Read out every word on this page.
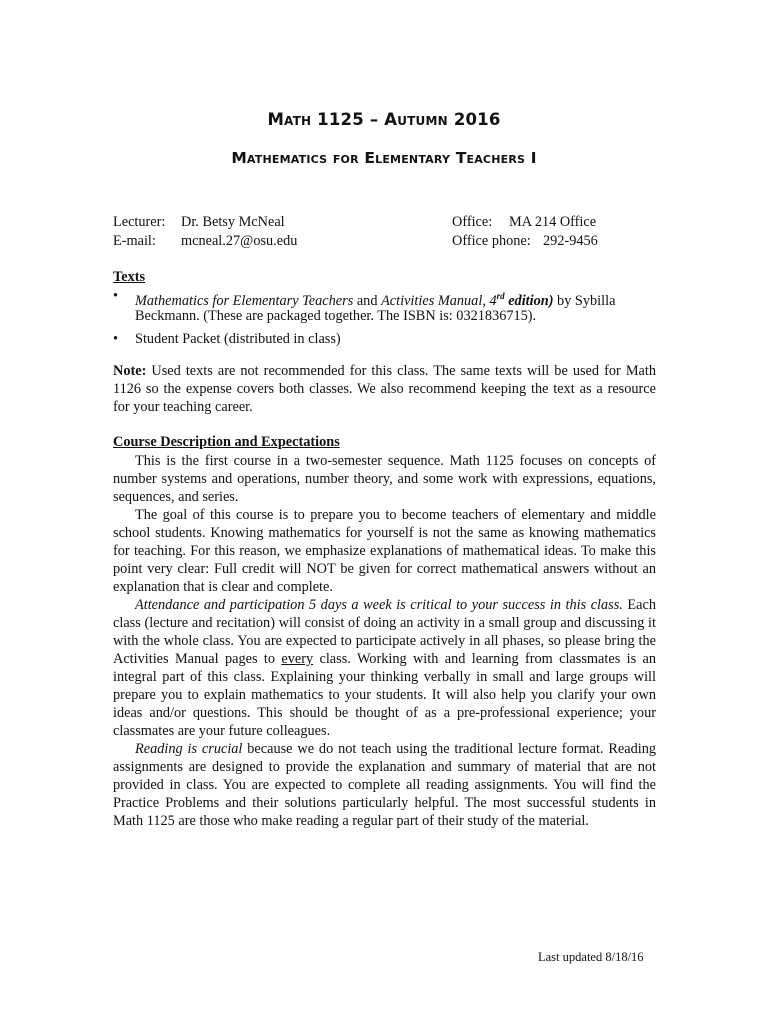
Math 1125 – Autumn 2016
Mathematics for Elementary Teachers I
Lecturer: Dr. Betsy McNeal	Office: MA 214 Office
E-mail: mcneal.27@osu.edu	Office phone: 292-9456
Texts
• Mathematics for Elementary Teachers and Activities Manual, 4rd edition) by Sybilla
Beckmann. (These are packaged together. The ISBN is: 0321836715).
• Student Packet (distributed in class)

Note: Used texts are not recommended for this class. The same texts will be used for Math 1126 so the expense covers both classes. We also recommend keeping the text as a resource for your teaching career.

Course Description and Expectations

This is the first course in a two-semester sequence. Math 1125 focuses on concepts of number systems and operations, number theory, and some work with expressions, equations, sequences, and series.

The goal of this course is to prepare you to become teachers of elementary and middle school students. Knowing mathematics for yourself is not the same as knowing mathematics for teaching. For this reason, we emphasize explanations of mathematical ideas. To make this point very clear: Full credit will NOT be given for correct mathematical answers without an explanation that is clear and complete.

Attendance and participation 5 days a week is critical to your success in this class. Each class (lecture and recitation) will consist of doing an activity in a small group and discussing it with the whole class. You are expected to participate actively in all phases, so please bring the Activities Manual pages to every class. Working with and learning from classmates is an integral part of this class. Explaining your thinking verbally in small and large groups will prepare you to explain mathematics to your students. It will also help you clarify your own ideas and/or questions. This should be thought of as a pre-professional experience; your classmates are your future colleagues.

Reading is crucial because we do not teach using the traditional lecture format. Reading assignments are designed to provide the explanation and summary of material that are not provided in class. You are expected to complete all reading assignments. You will find the Practice Problems and their solutions particularly helpful. The most successful students in Math 1125 are those who make reading a regular part of their study of the material.

Last updated 8/18/16
